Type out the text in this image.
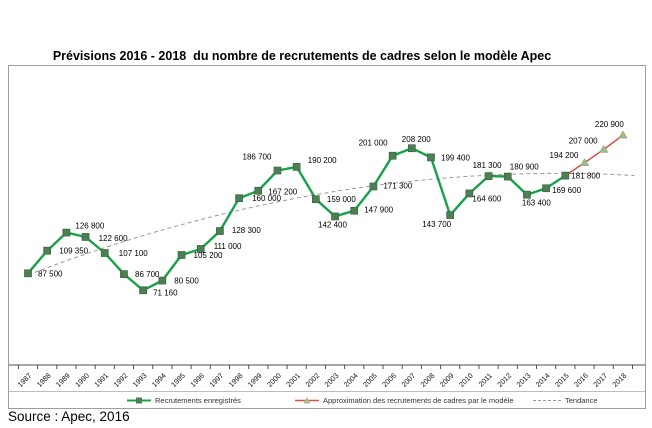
Prévisions 2016 - 2018  du nombre de recrutements de cadres selon le modèle Apec

1987 1988 1989 1990 1991 1992 1993 1994 1995 1996 1997 1998 1999 2000 2001 2002 2003 2004 2005 2006 2007 2008 2009 2010 2011 2012 2013 2014 2015 2016 2017 2018
87 500
109 350
126 800
122 600
107 100
86 700
71 160
80 500
105 200
111 000
128 300
160 000
167 200
186 700	190 200
159 000
142 400
147 900
171 300
201 000 208 200
199 400
143 700
164 600
181 300 180 900
163 400
169 600
181 800
194 200
207 000
220 900
Recrutements enregistrés	Approximation des recrutements de cadres par le modèle	Tendance
Source : Apec, 2016
